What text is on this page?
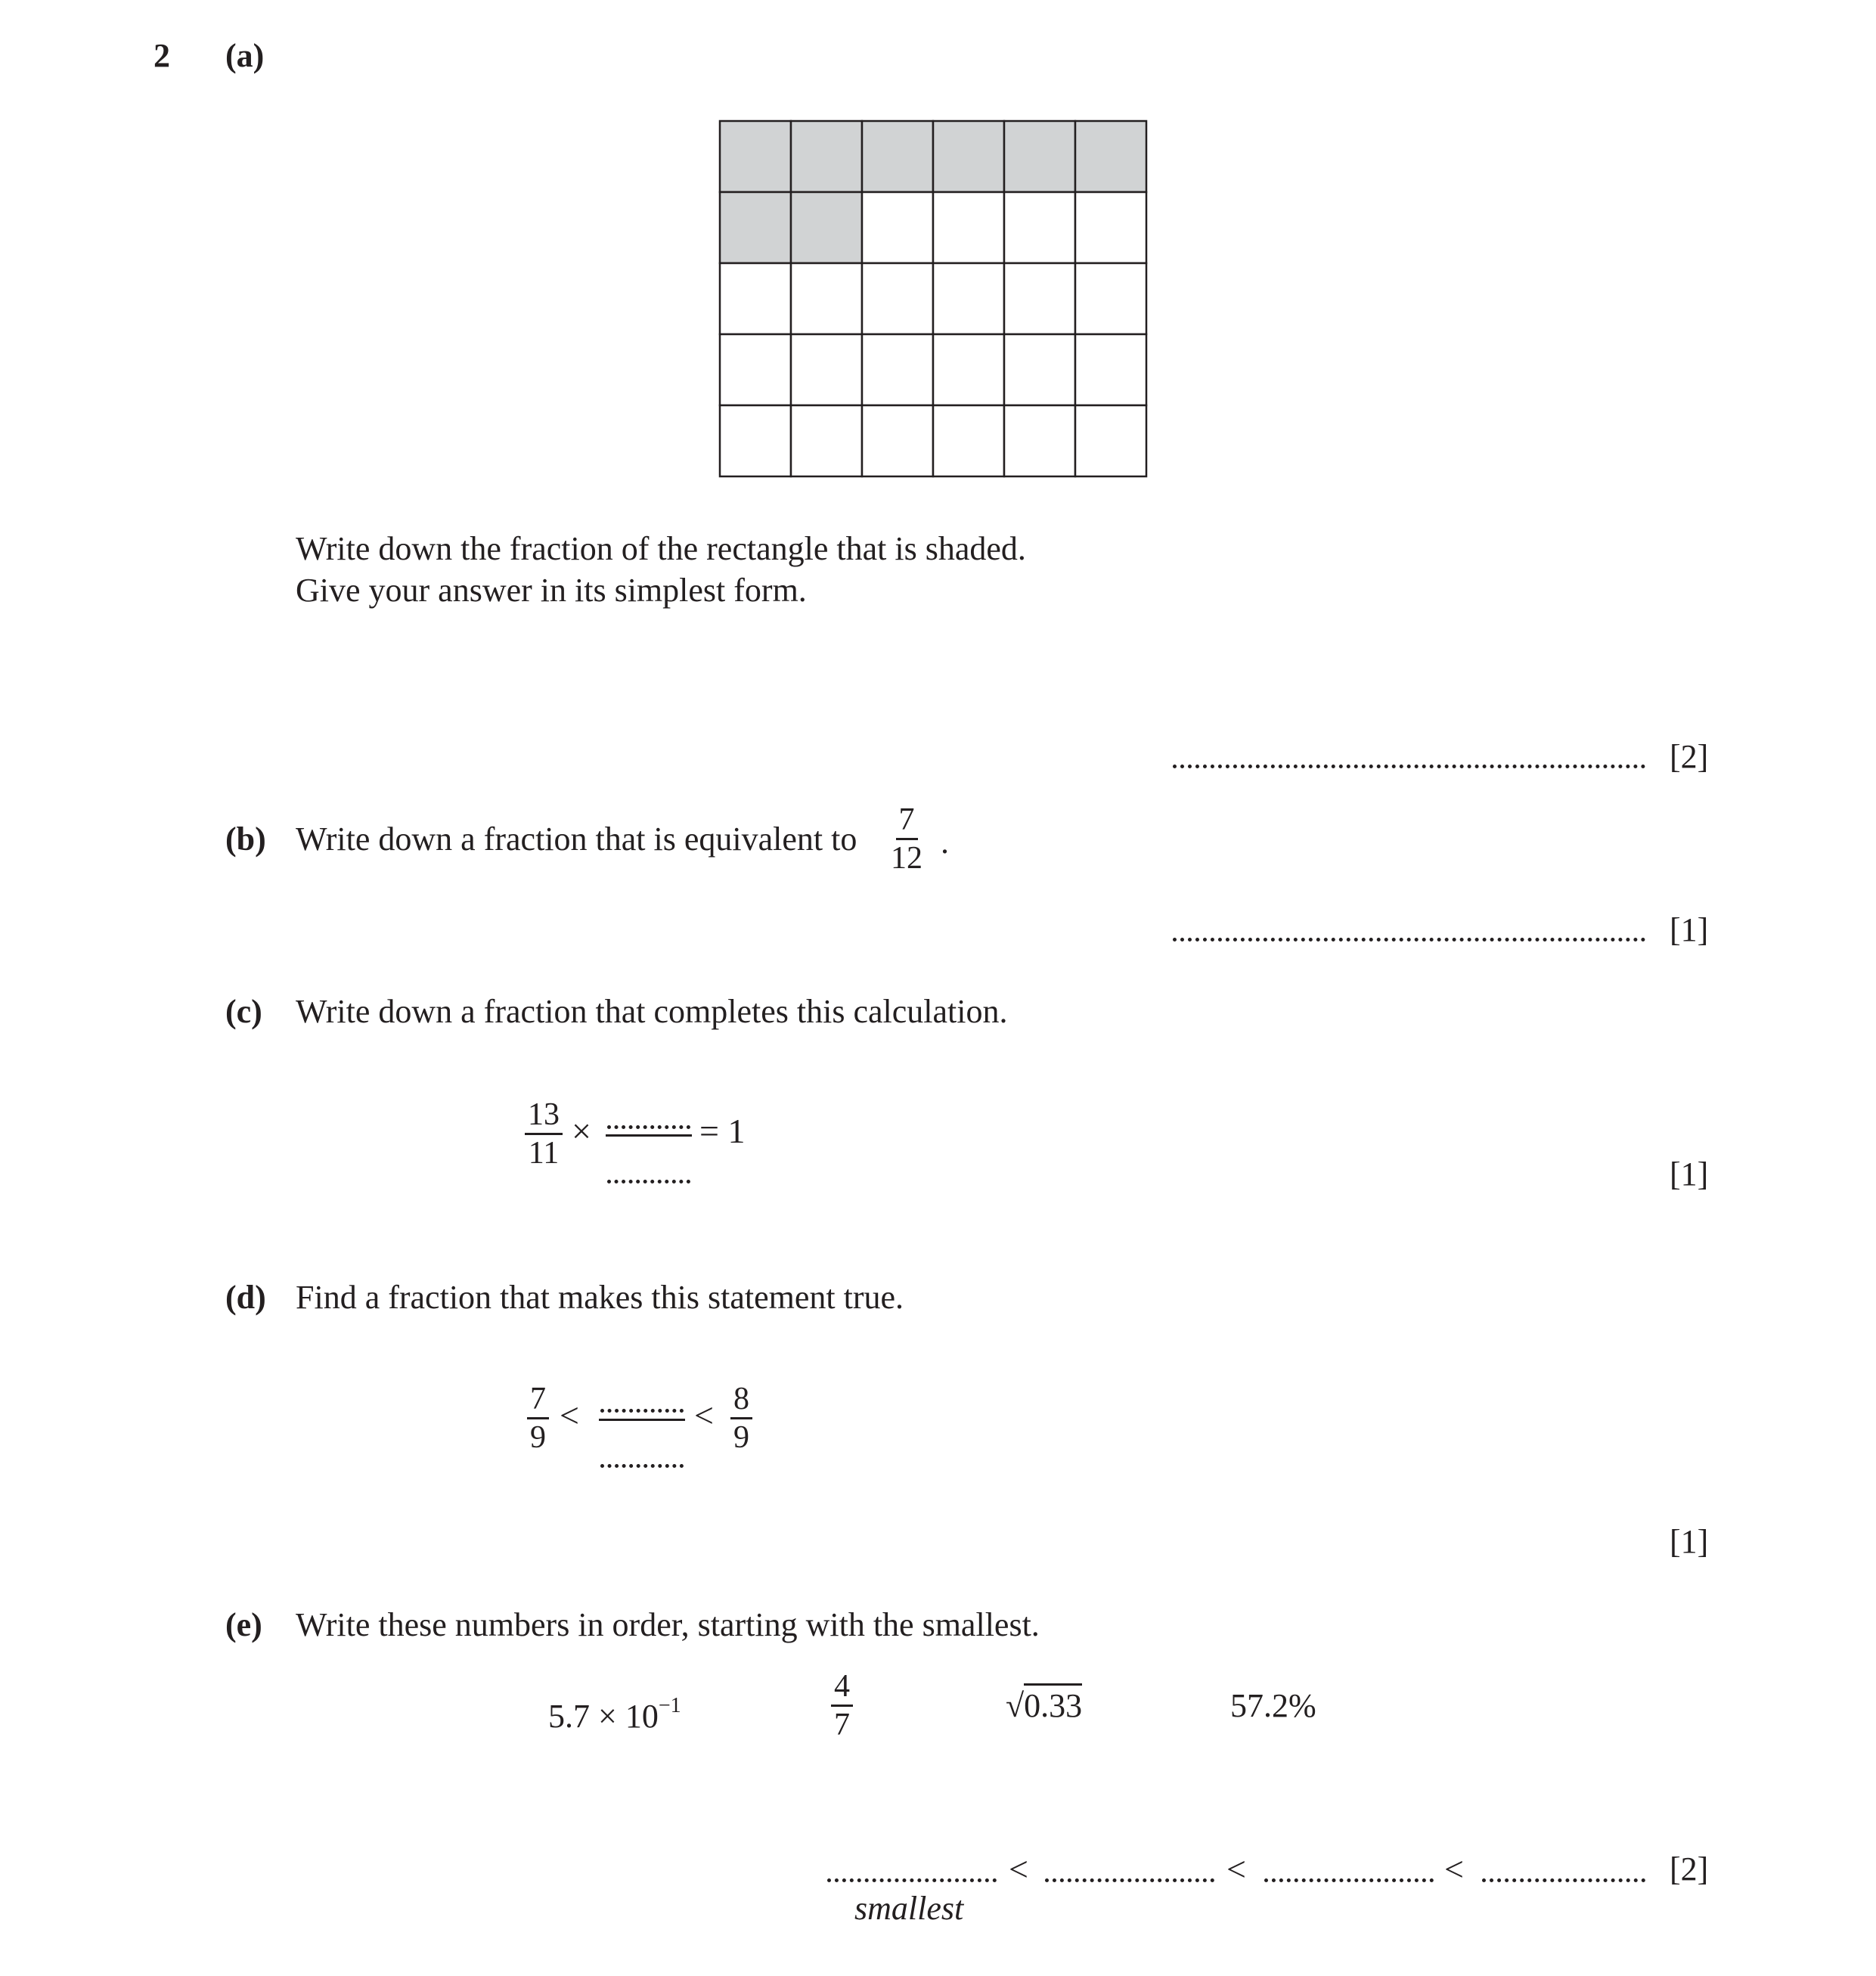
2 (a)
Write down the fraction of the rectangle that is shaded.
Give your answer in its simplest form.
[2]
(b) Write down a fraction that is equivalent to $\frac{7}{12}$ .
[1]
(c) Write down a fraction that completes this calculation.
$\frac{13}{11}$ ×	= 1
[1]
(d) Find a fraction that makes this statement true.
$\frac{7}{9}$ <	< $\frac{8}{9}$
[1]
(e) Write these numbers in order, starting with the smallest.
$5.7 \times 10^{-1}$	$\frac{4}{7}$	√0.33	57.2%
<	<	<	[2]
smallest
